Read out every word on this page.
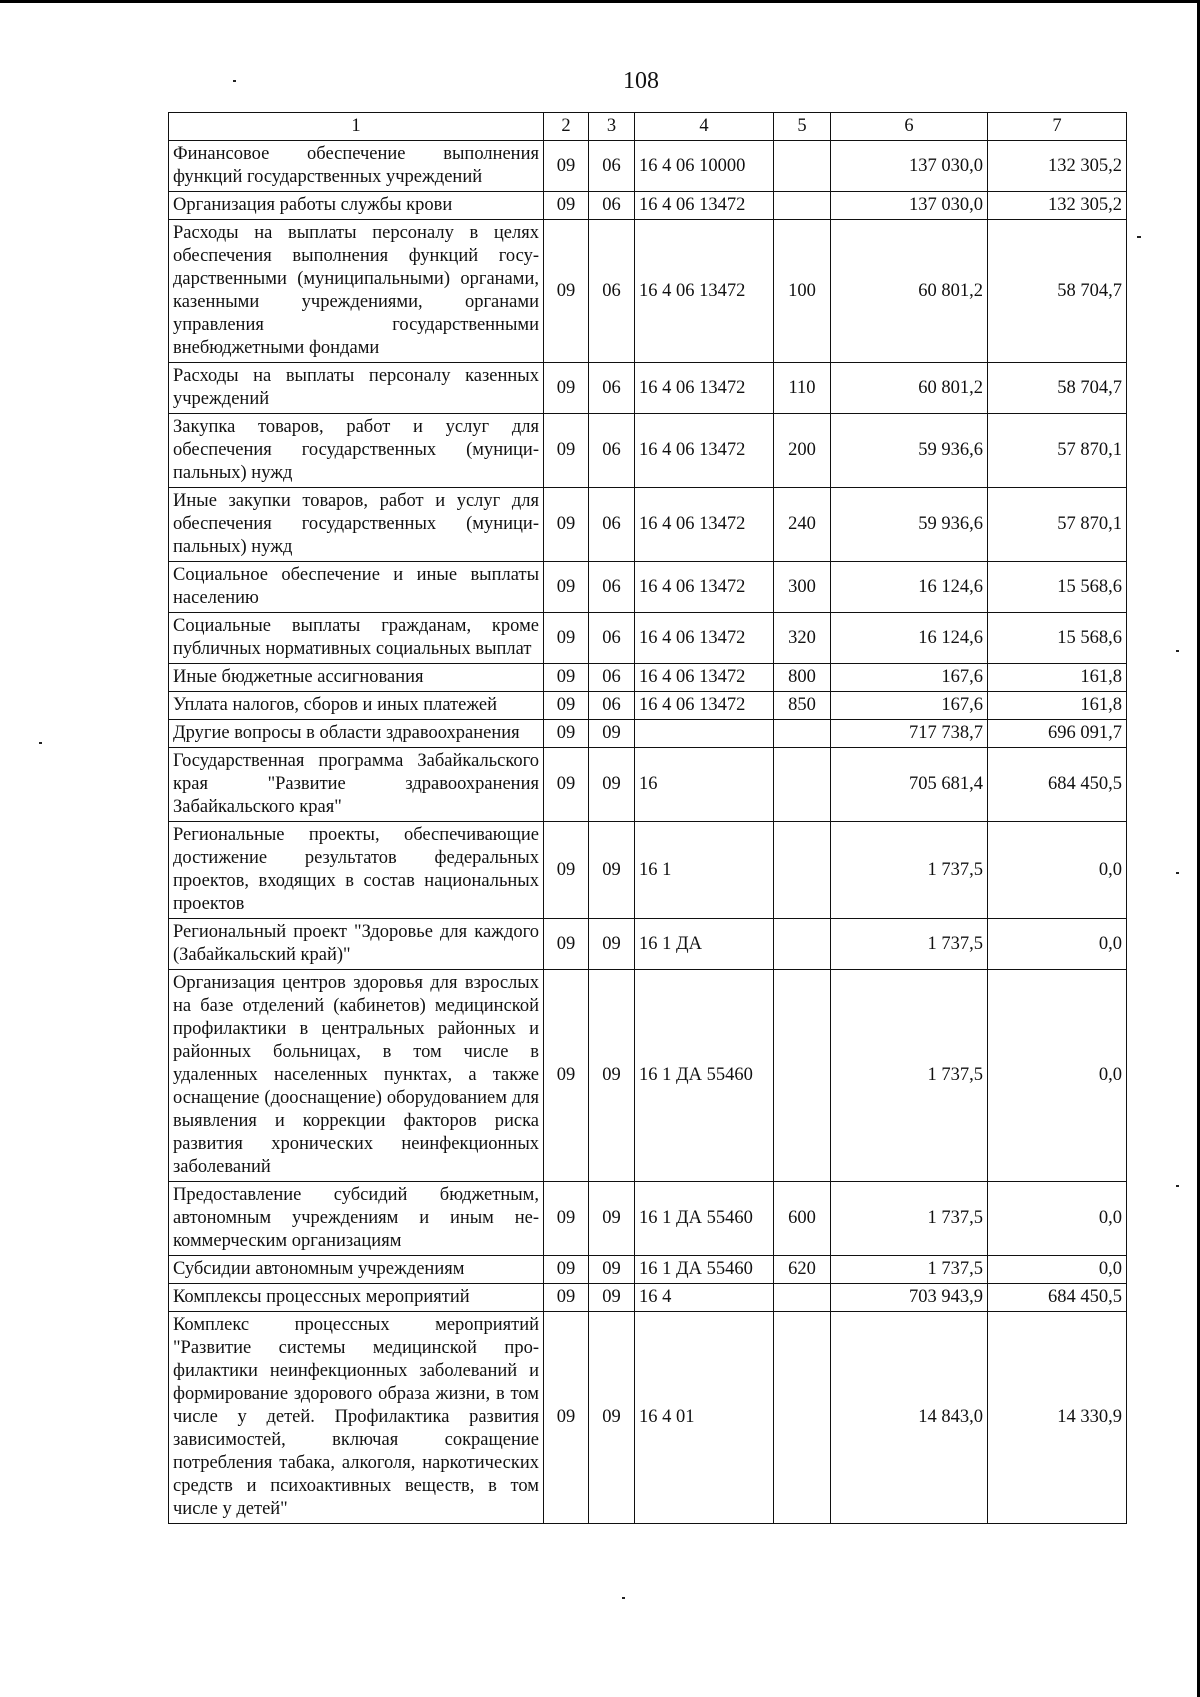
108
1	2	3	4	5	6	7
Финансовое обеспечение выполнения функций государственных учреждений	09	06	16 4 06 10000		137 030,0	132 305,2
Организация работы службы крови	09	06	16 4 06 13472		137 030,0	132 305,2
Расходы на выплаты персоналу в целях обеспечения выполнения функций государственными (муниципальными) органами, казенными учреждениями, органами управления государственными внебюджетными фондами	09	06	16 4 06 13472	100	60 801,2	58 704,7
Расходы на выплаты персоналу казенных учреждений	09	06	16 4 06 13472	110	60 801,2	58 704,7
Закупка товаров, работ и услуг для обеспечения государственных (муниципальных) нужд	09	06	16 4 06 13472	200	59 936,6	57 870,1
Иные закупки товаров, работ и услуг для обеспечения государственных (муниципальных) нужд	09	06	16 4 06 13472	240	59 936,6	57 870,1
Социальное обеспечение и иные выплаты населению	09	06	16 4 06 13472	300	16 124,6	15 568,6
Социальные выплаты гражданам, кроме публичных нормативных социальных выплат	09	06	16 4 06 13472	320	16 124,6	15 568,6
Иные бюджетные ассигнования	09	06	16 4 06 13472	800	167,6	161,8
Уплата налогов, сборов и иных платежей	09	06	16 4 06 13472	850	167,6	161,8
Другие вопросы в области здравоохранения	09	09			717 738,7	696 091,7
Государственная программа Забайкальского края "Развитие здравоохранения Забайкальского края"	09	09	16		705 681,4	684 450,5
Региональные проекты, обеспечивающие достижение результатов федеральных проектов, входящих в состав национальных проектов	09	09	16 1		1 737,5	0,0
Региональный проект "Здоровье для каждого (Забайкальский край)"	09	09	16 1 ДА		1 737,5	0,0
Организация центров здоровья для взрослых на базе отделений (кабинетов) медицинской профилактики в центральных районных и районных больницах, в том числе в удаленных населенных пунктах, а также оснащение (дооснащение) оборудованием для выявления и коррекции факторов риска развития хронических неинфекционных заболеваний	09	09	16 1 ДА 55460		1 737,5	0,0
Предоставление субсидий бюджетным, автономным учреждениям и иным некоммерческим организациям	09	09	16 1 ДА 55460	600	1 737,5	0,0
Субсидии автономным учреждениям	09	09	16 1 ДА 55460	620	1 737,5	0,0
Комплексы процессных мероприятий	09	09	16 4		703 943,9	684 450,5
Комплекс процессных мероприятий "Развитие системы медицинской профилактики неинфекционных заболеваний и формирование здорового образа жизни, в том числе у детей. Профилактика развития зависимостей, включая сокращение потребления табака, алкоголя, наркотических средств и психоактивных веществ, в том числе у детей"	09	09	16 4 01		14 843,0	14 330,9
